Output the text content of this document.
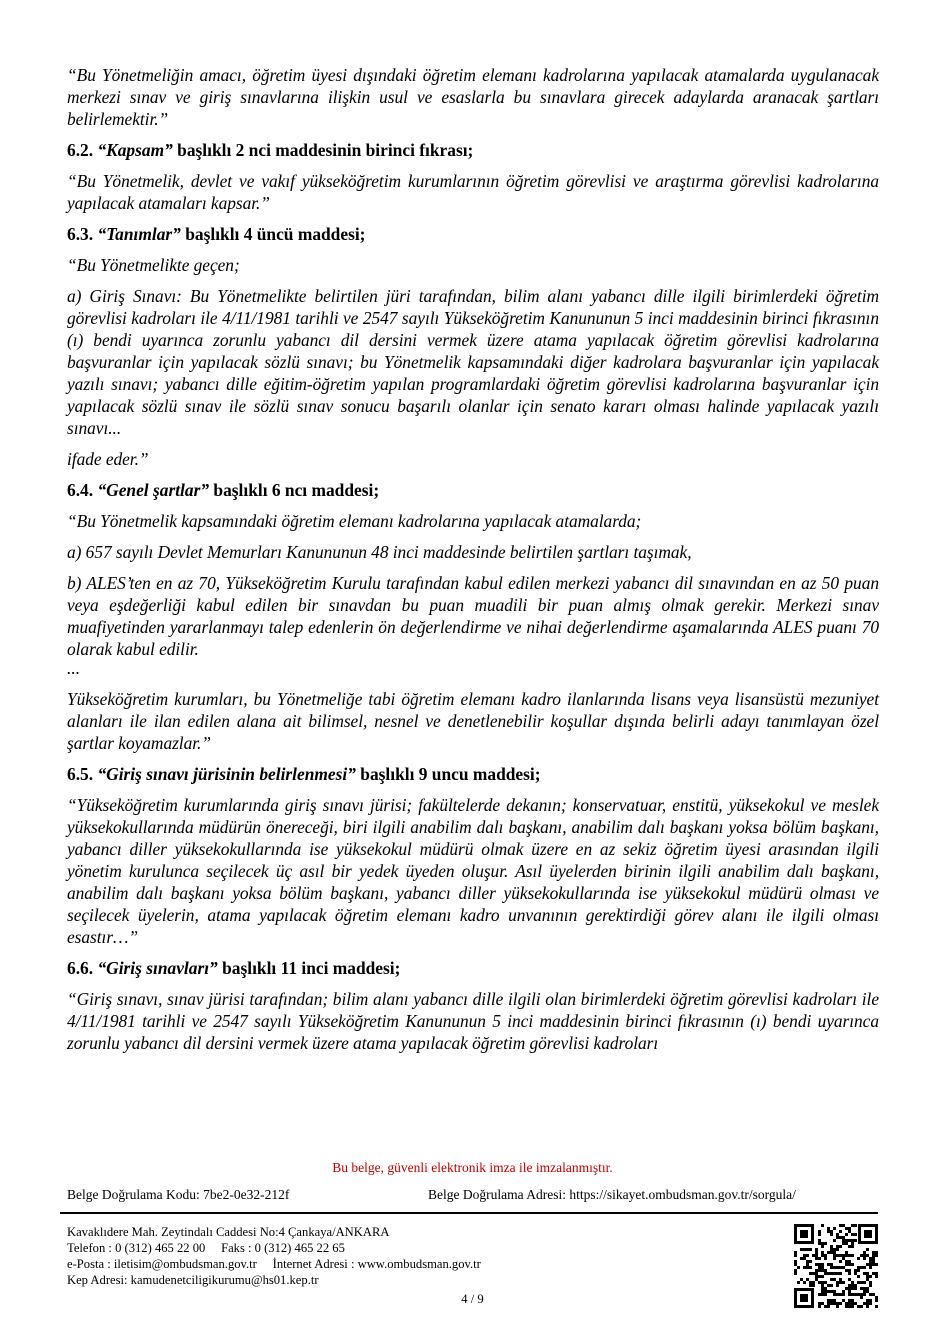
“Bu Yönetmeliğin amacı, öğretim üyesi dışındaki öğretim elemanı kadrolarına yapılacak atamalarda uygulanacak merkezi sınav ve giriş sınavlarına ilişkin usul ve esaslarla bu sınavlara girecek adaylarda aranacak şartları belirlemektir.”
6.2. “Kapsam” başlıklı 2 nci maddesinin birinci fıkrası;
“Bu Yönetmelik, devlet ve vakıf yükseköğretim kurumlarının öğretim görevlisi ve araştırma görevlisi kadrolarına yapılacak atamaları kapsar.”
6.3. “Tanımlar” başlıklı 4 üncü maddesi;
“Bu Yönetmelikte geçen;
a) Giriş Sınavı: Bu Yönetmelikte belirtilen jüri tarafından, bilim alanı yabancı dille ilgili birimlerdeki öğretim görevlisi kadroları ile 4/11/1981 tarihli ve 2547 sayılı Yükseköğretim Kanununun 5 inci maddesinin birinci fıkrasının (ı) bendi uyarınca zorunlu yabancı dil dersini vermek üzere atama yapılacak öğretim görevlisi kadrolarına başvuranlar için yapılacak sözlü sınavı; bu Yönetmelik kapsamındaki diğer kadrolara başvuranlar için yapılacak yazılı sınavı; yabancı dille eğitim-öğretim yapılan programlardaki öğretim görevlisi kadrolarına başvuranlar için yapılacak sözlü sınav ile sözlü sınav sonucu başarılı olanlar için senato kararı olması halinde yapılacak yazılı sınavı...
ifade eder.”
6.4. “Genel şartlar” başlıklı 6 ncı maddesi;
“Bu Yönetmelik kapsamındaki öğretim elemanı kadrolarına yapılacak atamalarda;
a) 657 sayılı Devlet Memurları Kanununun 48 inci maddesinde belirtilen şartları taşımak,
b) ALES’ten en az 70, Yükseköğretim Kurulu tarafından kabul edilen merkezi yabancı dil sınavından en az 50 puan veya eşdeğerliği kabul edilen bir sınavdan bu puan muadili bir puan almış olmak gerekir. Merkezi sınav muafiyetinden yararlanmayı talep edenlerin ön değerlendirme ve nihai değerlendirme aşamalarında ALES puanı 70 olarak kabul edilir.
...
Yükseköğretim kurumları, bu Yönetmeliğe tabi öğretim elemanı kadro ilanlarında lisans veya lisansüstü mezuniyet alanları ile ilan edilen alana ait bilimsel, nesnel ve denetlenebilir koşullar dışında belirli adayı tanımlayan özel şartlar koyamazlar.”
6.5. “Giriş sınavı jürisinin belirlenmesi” başlıklı 9 uncu maddesi;
“Yükseköğretim kurumlarında giriş sınavı jürisi; fakültelerde dekanın; konservatuar, enstitü, yüksekokul ve meslek yüksekokullarında müdürün önereceği, biri ilgili anabilim dalı başkanı, anabilim dalı başkanı yoksa bölüm başkanı, yabancı diller yüksekokullarında ise yüksekokul müdürü olmak üzere en az sekiz öğretim üyesi arasından ilgili yönetim kurulunca seçilecek üç asıl bir yedek üyeden oluşur. Asıl üyelerden birinin ilgili anabilim dalı başkanı, anabilim dalı başkanı yoksa bölüm başkanı, yabancı diller yüksekokullarında ise yüksekokul müdürü olması ve seçilecek üyelerin, atama yapılacak öğretim elemanı kadro unvanının gerektirdiği görev alanı ile ilgili olması esastır…”
6.6. “Giriş sınavları” başlıklı 11 inci maddesi;
“Giriş sınavı, sınav jürisi tarafından; bilim alanı yabancı dille ilgili olan birimlerdeki öğretim görevlisi kadroları ile 4/11/1981 tarihli ve 2547 sayılı Yükseköğretim Kanununun 5 inci maddesinin birinci fıkrasının (ı) bendi uyarınca zorunlu yabancı dil dersini vermek üzere atama yapılacak öğretim görevlisi kadroları
Bu belge, güvenli elektronik imza ile imzalanmıştır.
Belge Doğrulama Kodu: 7be2-0e32-212f	Belge Doğrulama Adresi: https://sikayet.ombudsman.gov.tr/sorgula/
Kavaklıdere Mah. Zeytindalı Caddesi No:4 Çankaya/ANKARA
Telefon : 0 (312) 465 22 00     Faks : 0 (312) 465 22 65
e-Posta : iletisim@ombudsman.gov.tr     İnternet Adresi : www.ombudsman.gov.tr
Kep Adresi: kamudenetciligikurumu@hs01.kep.tr
4 / 9
